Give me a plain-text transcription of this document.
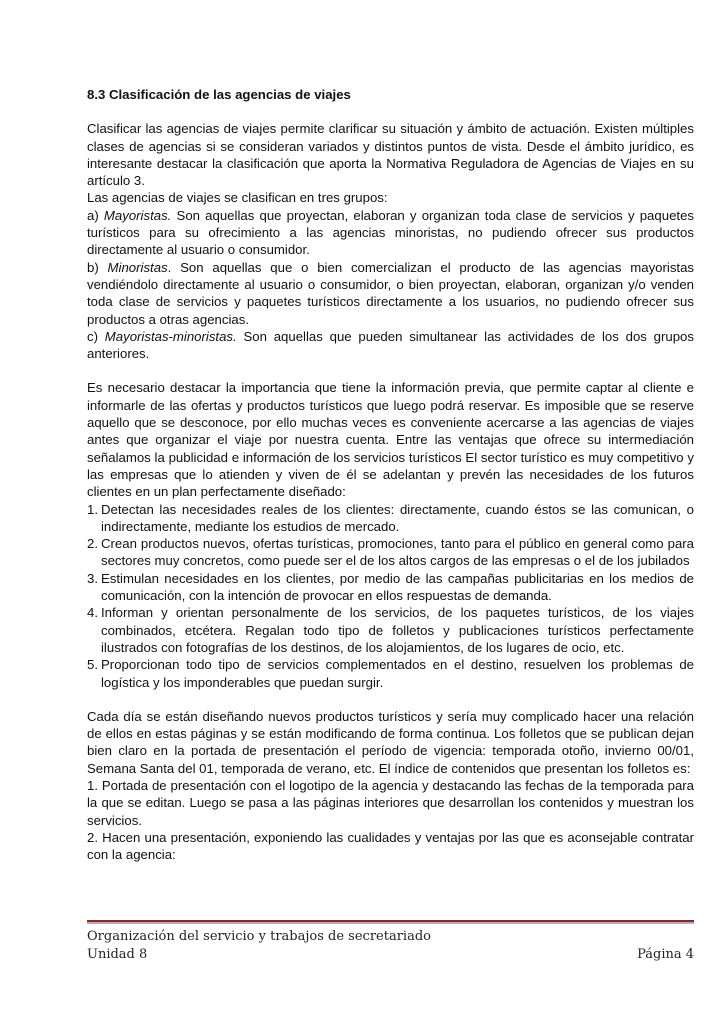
8.3 Clasificación de las agencias de viajes

Clasificar las agencias de viajes permite clarificar su situación y ámbito de actuación. Existen múltiples clases de agencias si se consideran variados y distintos puntos de vista. Desde el ámbito jurídico, es interesante destacar la clasificación que aporta la Normativa Reguladora de Agencias de Viajes en su artículo 3.

Las agencias de viajes se clasifican en tres grupos:

a) Mayoristas. Son aquellas que proyectan, elaboran y organizan toda clase de servicios y paquetes turísticos para su ofrecimiento a las agencias minoristas, no pudiendo ofrecer sus productos directamente al usuario o consumidor.
b) Minoristas. Son aquellas que o bien comercializan el producto de las agencias mayoristas vendiéndolo directamente al usuario o consumidor, o bien proyectan, elaboran, organizan y/o venden toda clase de servicios y paquetes turísticos directamente a los usuarios, no pudiendo ofrecer sus productos a otras agencias.
c) Mayoristas-minoristas. Son aquellas que pueden simultanear las actividades de los dos grupos anteriores.

Es necesario destacar la importancia que tiene la información previa, que permite captar al cliente e informarle de las ofertas y productos turísticos que luego podrá reservar. Es imposible que se reserve aquello que se desconoce, por ello muchas veces es conveniente acercarse a las agencias de viajes antes que organizar el viaje por nuestra cuenta. Entre las ventajas que ofrece su intermediación señalamos la publicidad e información de los servicios turísticos El sector turístico es muy competitivo y las empresas que lo atienden y viven de él se adelantan y prevén las necesidades de los futuros clientes en un plan perfectamente diseñado:

1. Detectan las necesidades reales de los clientes: directamente, cuando éstos se las comunican, o indirectamente, mediante los estudios de mercado.
2. Crean productos nuevos, ofertas turísticas, promociones, tanto para el público en general como para sectores muy concretos, como puede ser el de los altos cargos de las empresas o el de los jubilados
3. Estimulan necesidades en los clientes, por medio de las campañas publicitarias en los medios de comunicación, con la intención de provocar en ellos respuestas de demanda.
4. Informan y orientan personalmente de los servicios, de los paquetes turísticos, de los viajes combinados, etcétera. Regalan todo tipo de folletos y publicaciones turísticos perfectamente ilustrados con fotografías de los destinos, de los alojamientos, de los lugares de ocio, etc.
5. Proporcionan todo tipo de servicios complementados en el destino, resuelven los problemas de logística y los imponderables que puedan surgir.

Cada día se están diseñando nuevos productos turísticos y sería muy complicado hacer una relación de ellos en estas páginas y se están modificando de forma continua. Los folletos que se publican dejan bien claro en la portada de presentación el período de vigencia: temporada otoño, invierno 00/01, Semana Santa del 01, temporada de verano, etc. El índice de contenidos que presentan los folletos es:

1. Portada de presentación con el logotipo de la agencia y destacando las fechas de la temporada para la que se editan. Luego se pasa a las páginas interiores que desarrollan los contenidos y muestran los servicios.

2. Hacen una presentación, exponiendo las cualidades y ventajas por las que es aconsejable contratar con la agencia:

Organización del servicio y trabajos de secretariado
Unidad 8	Página 4
